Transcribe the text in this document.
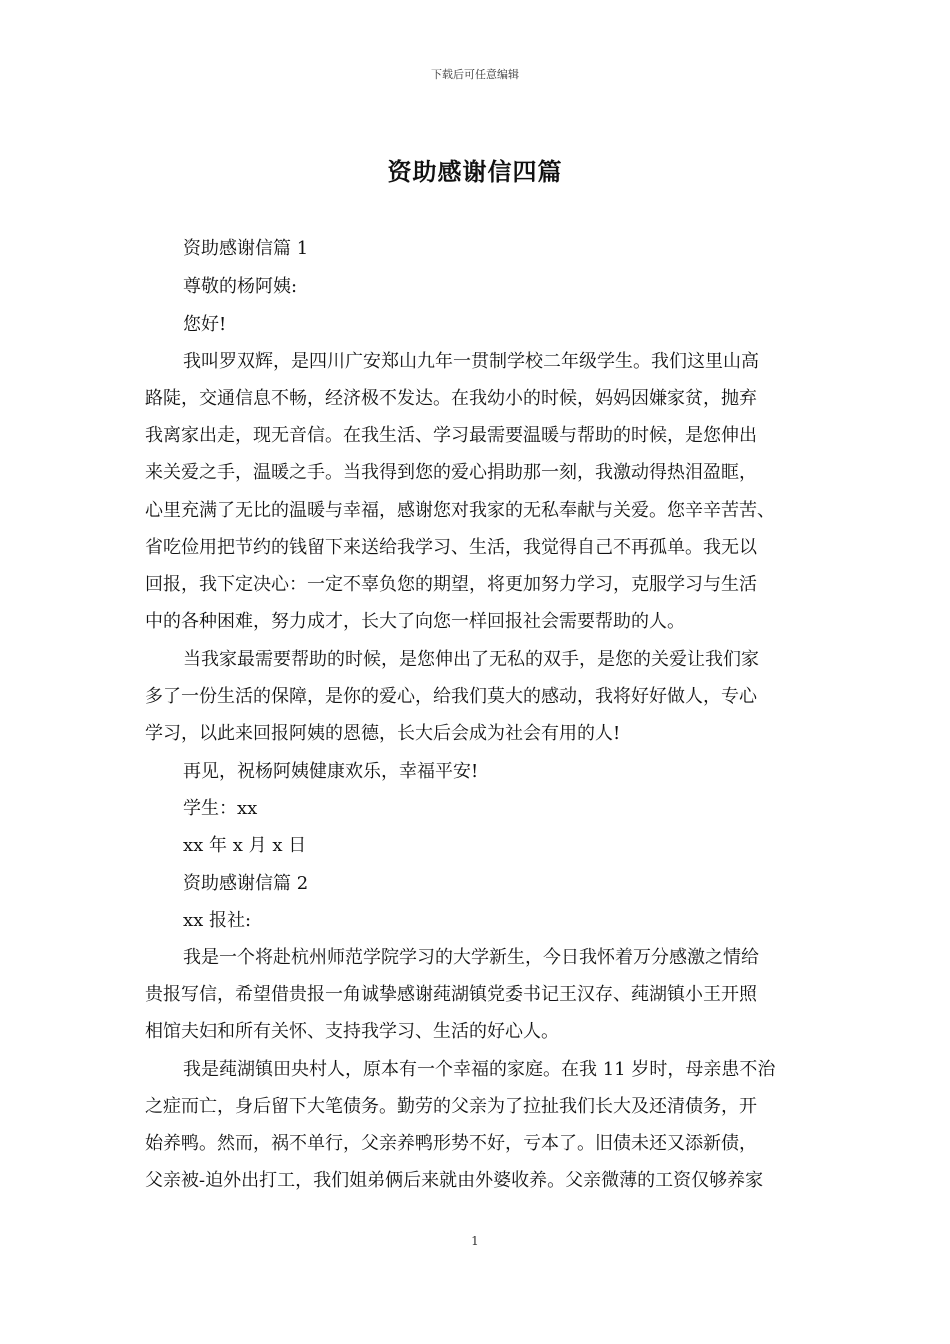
下载后可任意编辑
资助感谢信四篇
资助感谢信篇 1
尊敬的杨阿姨:
您好!
我叫罗双辉，是四川广安郑山九年一贯制学校二年级学生。我们这里山高
路陡，交通信息不畅，经济极不发达。在我幼小的时候，妈妈因嫌家贫，抛弃
我离家出走，现无音信。在我生活、学习最需要温暖与帮助的时候，是您伸出
来关爱之手，温暖之手。当我得到您的爱心捐助那一刻，我激动得热泪盈眶，
心里充满了无比的温暖与幸福，感谢您对我家的无私奉献与关爱。您辛辛苦苦、
省吃俭用把节约的钱留下来送给我学习、生活，我觉得自己不再孤单。我无以
回报，我下定决心：一定不辜负您的期望，将更加努力学习，克服学习与生活
中的各种困难，努力成才，长大了向您一样回报社会需要帮助的人。
当我家最需要帮助的时候，是您伸出了无私的双手，是您的关爱让我们家
多了一份生活的保障，是你的爱心，给我们莫大的感动，我将好好做人，专心
学习，以此来回报阿姨的恩德，长大后会成为社会有用的人!
再见，祝杨阿姨健康欢乐，幸福平安!
学生：xx
xx 年 x 月 x 日
资助感谢信篇 2
xx 报社:
我是一个将赴杭州师范学院学习的大学新生，今日我怀着万分感激之情给
贵报写信，希望借贵报一角诚挚感谢莼湖镇党委书记王汉存、莼湖镇小王开照
相馆夫妇和所有关怀、支持我学习、生活的好心人。
我是莼湖镇田央村人，原本有一个幸福的家庭。在我 11 岁时，母亲患不治
之症而亡，身后留下大笔债务。勤劳的父亲为了拉扯我们长大及还清债务，开
始养鸭。然而，祸不单行，父亲养鸭形势不好，亏本了。旧债未还又添新债，
父亲被-迫外出打工，我们姐弟俩后来就由外婆收养。父亲微薄的工资仅够养家
1
